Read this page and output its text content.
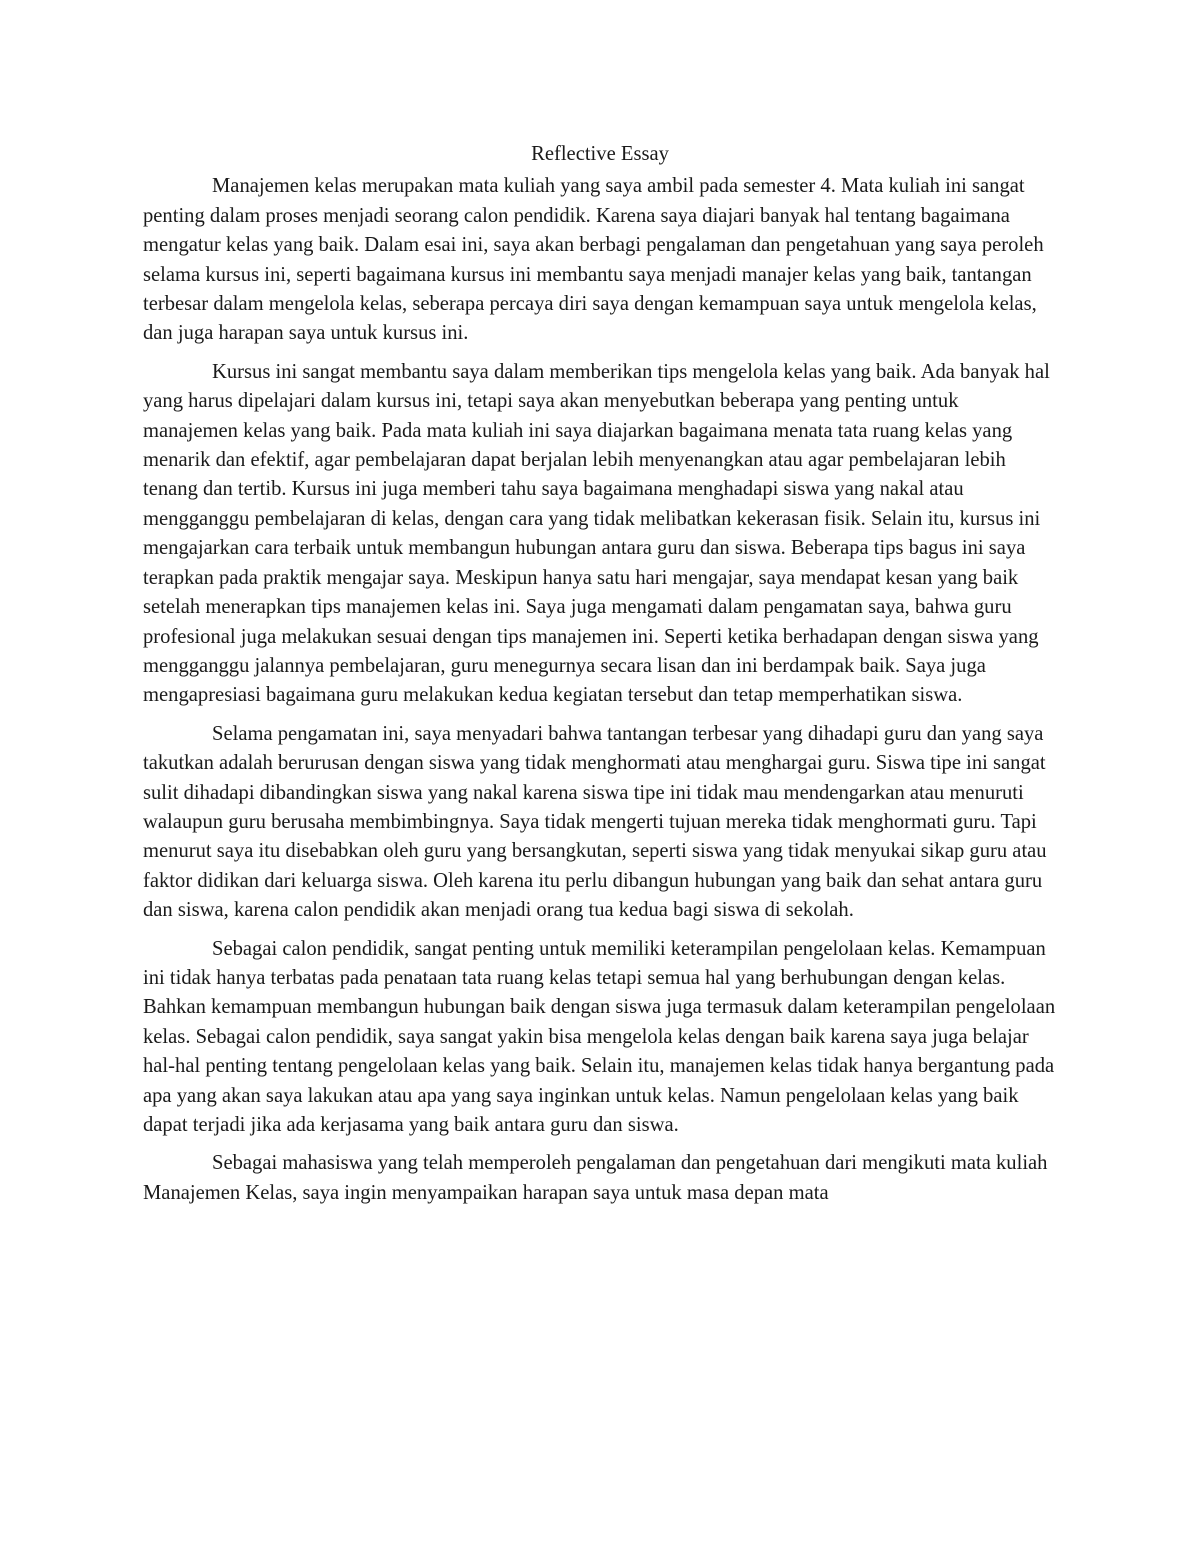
Reflective Essay

Manajemen kelas merupakan mata kuliah yang saya ambil pada semester 4. Mata kuliah ini sangat penting dalam proses menjadi seorang calon pendidik. Karena saya diajari banyak hal tentang bagaimana mengatur kelas yang baik. Dalam esai ini, saya akan berbagi pengalaman dan pengetahuan yang saya peroleh selama kursus ini, seperti bagaimana kursus ini membantu saya menjadi manajer kelas yang baik, tantangan terbesar dalam mengelola kelas, seberapa percaya diri saya dengan kemampuan saya untuk mengelola kelas, dan juga harapan saya untuk kursus ini.

Kursus ini sangat membantu saya dalam memberikan tips mengelola kelas yang baik. Ada banyak hal yang harus dipelajari dalam kursus ini, tetapi saya akan menyebutkan beberapa yang penting untuk manajemen kelas yang baik. Pada mata kuliah ini saya diajarkan bagaimana menata tata ruang kelas yang menarik dan efektif, agar pembelajaran dapat berjalan lebih menyenangkan atau agar pembelajaran lebih tenang dan tertib. Kursus ini juga memberi tahu saya bagaimana menghadapi siswa yang nakal atau mengganggu pembelajaran di kelas, dengan cara yang tidak melibatkan kekerasan fisik. Selain itu, kursus ini mengajarkan cara terbaik untuk membangun hubungan antara guru dan siswa. Beberapa tips bagus ini saya terapkan pada praktik mengajar saya. Meskipun hanya satu hari mengajar, saya mendapat kesan yang baik setelah menerapkan tips manajemen kelas ini. Saya juga mengamati dalam pengamatan saya, bahwa guru profesional juga melakukan sesuai dengan tips manajemen ini. Seperti ketika berhadapan dengan siswa yang mengganggu jalannya pembelajaran, guru menegurnya secara lisan dan ini berdampak baik. Saya juga mengapresiasi bagaimana guru melakukan kedua kegiatan tersebut dan tetap memperhatikan siswa.

Selama pengamatan ini, saya menyadari bahwa tantangan terbesar yang dihadapi guru dan yang saya takutkan adalah berurusan dengan siswa yang tidak menghormati atau menghargai guru. Siswa tipe ini sangat sulit dihadapi dibandingkan siswa yang nakal karena siswa tipe ini tidak mau mendengarkan atau menuruti walaupun guru berusaha membimbingnya. Saya tidak mengerti tujuan mereka tidak menghormati guru. Tapi menurut saya itu disebabkan oleh guru yang bersangkutan, seperti siswa yang tidak menyukai sikap guru atau faktor didikan dari keluarga siswa. Oleh karena itu perlu dibangun hubungan yang baik dan sehat antara guru dan siswa, karena calon pendidik akan menjadi orang tua kedua bagi siswa di sekolah.

Sebagai calon pendidik, sangat penting untuk memiliki keterampilan pengelolaan kelas. Kemampuan ini tidak hanya terbatas pada penataan tata ruang kelas tetapi semua hal yang berhubungan dengan kelas. Bahkan kemampuan membangun hubungan baik dengan siswa juga termasuk dalam keterampilan pengelolaan kelas. Sebagai calon pendidik, saya sangat yakin bisa mengelola kelas dengan baik karena saya juga belajar hal-hal penting tentang pengelolaan kelas yang baik. Selain itu, manajemen kelas tidak hanya bergantung pada apa yang akan saya lakukan atau apa yang saya inginkan untuk kelas. Namun pengelolaan kelas yang baik dapat terjadi jika ada kerjasama yang baik antara guru dan siswa.

Sebagai mahasiswa yang telah memperoleh pengalaman dan pengetahuan dari mengikuti mata kuliah Manajemen Kelas, saya ingin menyampaikan harapan saya untuk masa depan mata
